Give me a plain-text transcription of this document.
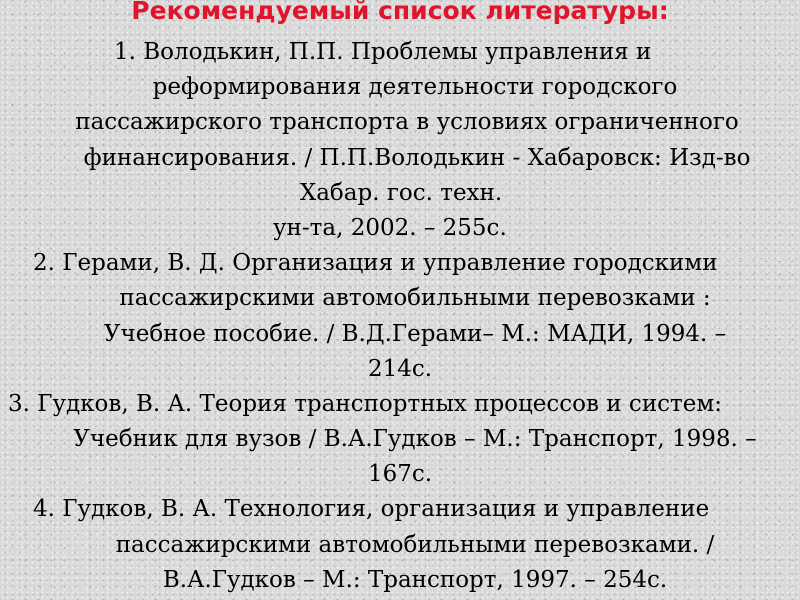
Рекомендуемый список литературы:
1. Володькин, П.П. Проблемы управления и
реформирования деятельности городского
пассажирского транспорта в условиях ограниченного
финансирования. / П.П.Володькин - Хабаровск: Изд-во
Хабар. гос. техн.
ун-та, 2002. – 255с.
2. Герами, В. Д. Организация и управление городскими
пассажирскими автомобильными перевозками :
Учебное пособие. / В.Д.Герами– М.: МАДИ, 1994. –
214с.
3. Гудков, В. А. Теория транспортных процессов и систем:
Учебник для вузов / В.А.Гудков – М.: Транспорт, 1998. –
167с.
4. Гудков, В. А. Технология, организация и управление
пассажирскими автомобильными перевозками. /
В.А.Гудков – М.: Транспорт, 1997. – 254с.
